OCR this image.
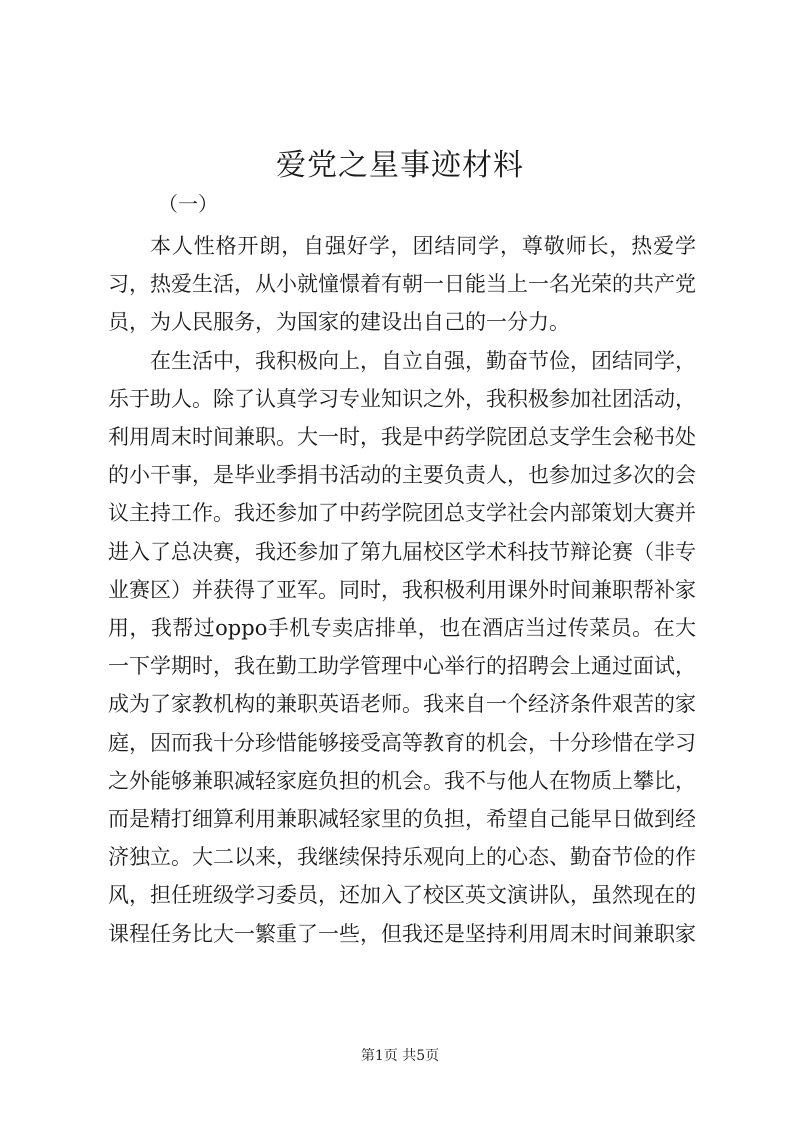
爱党之星事迹材料

（一）

本人性格开朗，自强好学，团结同学，尊敬师长，热爱学习，热爱生活，从小就憧憬着有朝一日能当上一名光荣的共产党员，为人民服务，为国家的建设出自己的一分力。

在生活中，我积极向上，自立自强，勤奋节俭，团结同学，乐于助人。除了认真学习专业知识之外，我积极参加社团活动，利用周末时间兼职。大一时，我是中药学院团总支学生会秘书处的小干事，是毕业季捐书活动的主要负责人，也参加过多次的会议主持工作。我还参加了中药学院团总支学社会内部策划大赛并进入了总决赛，我还参加了第九届校区学术科技节辩论赛（非专业赛区）并获得了亚军。同时，我积极利用课外时间兼职帮补家用，我帮过oppo手机专卖店排单，也在酒店当过传菜员。在大一下学期时，我在勤工助学管理中心举行的招聘会上通过面试，成为了家教机构的兼职英语老师。我来自一个经济条件艰苦的家庭，因而我十分珍惜能够接受高等教育的机会，十分珍惜在学习之外能够兼职减轻家庭负担的机会。我不与他人在物质上攀比，而是精打细算利用兼职减轻家里的负担，希望自己能早日做到经济独立。大二以来，我继续保持乐观向上的心态、勤奋节俭的作风，担任班级学习委员，还加入了校区英文演讲队，虽然现在的课程任务比大一繁重了一些，但我还是坚持利用周末时间兼职家

第1页 共5页
